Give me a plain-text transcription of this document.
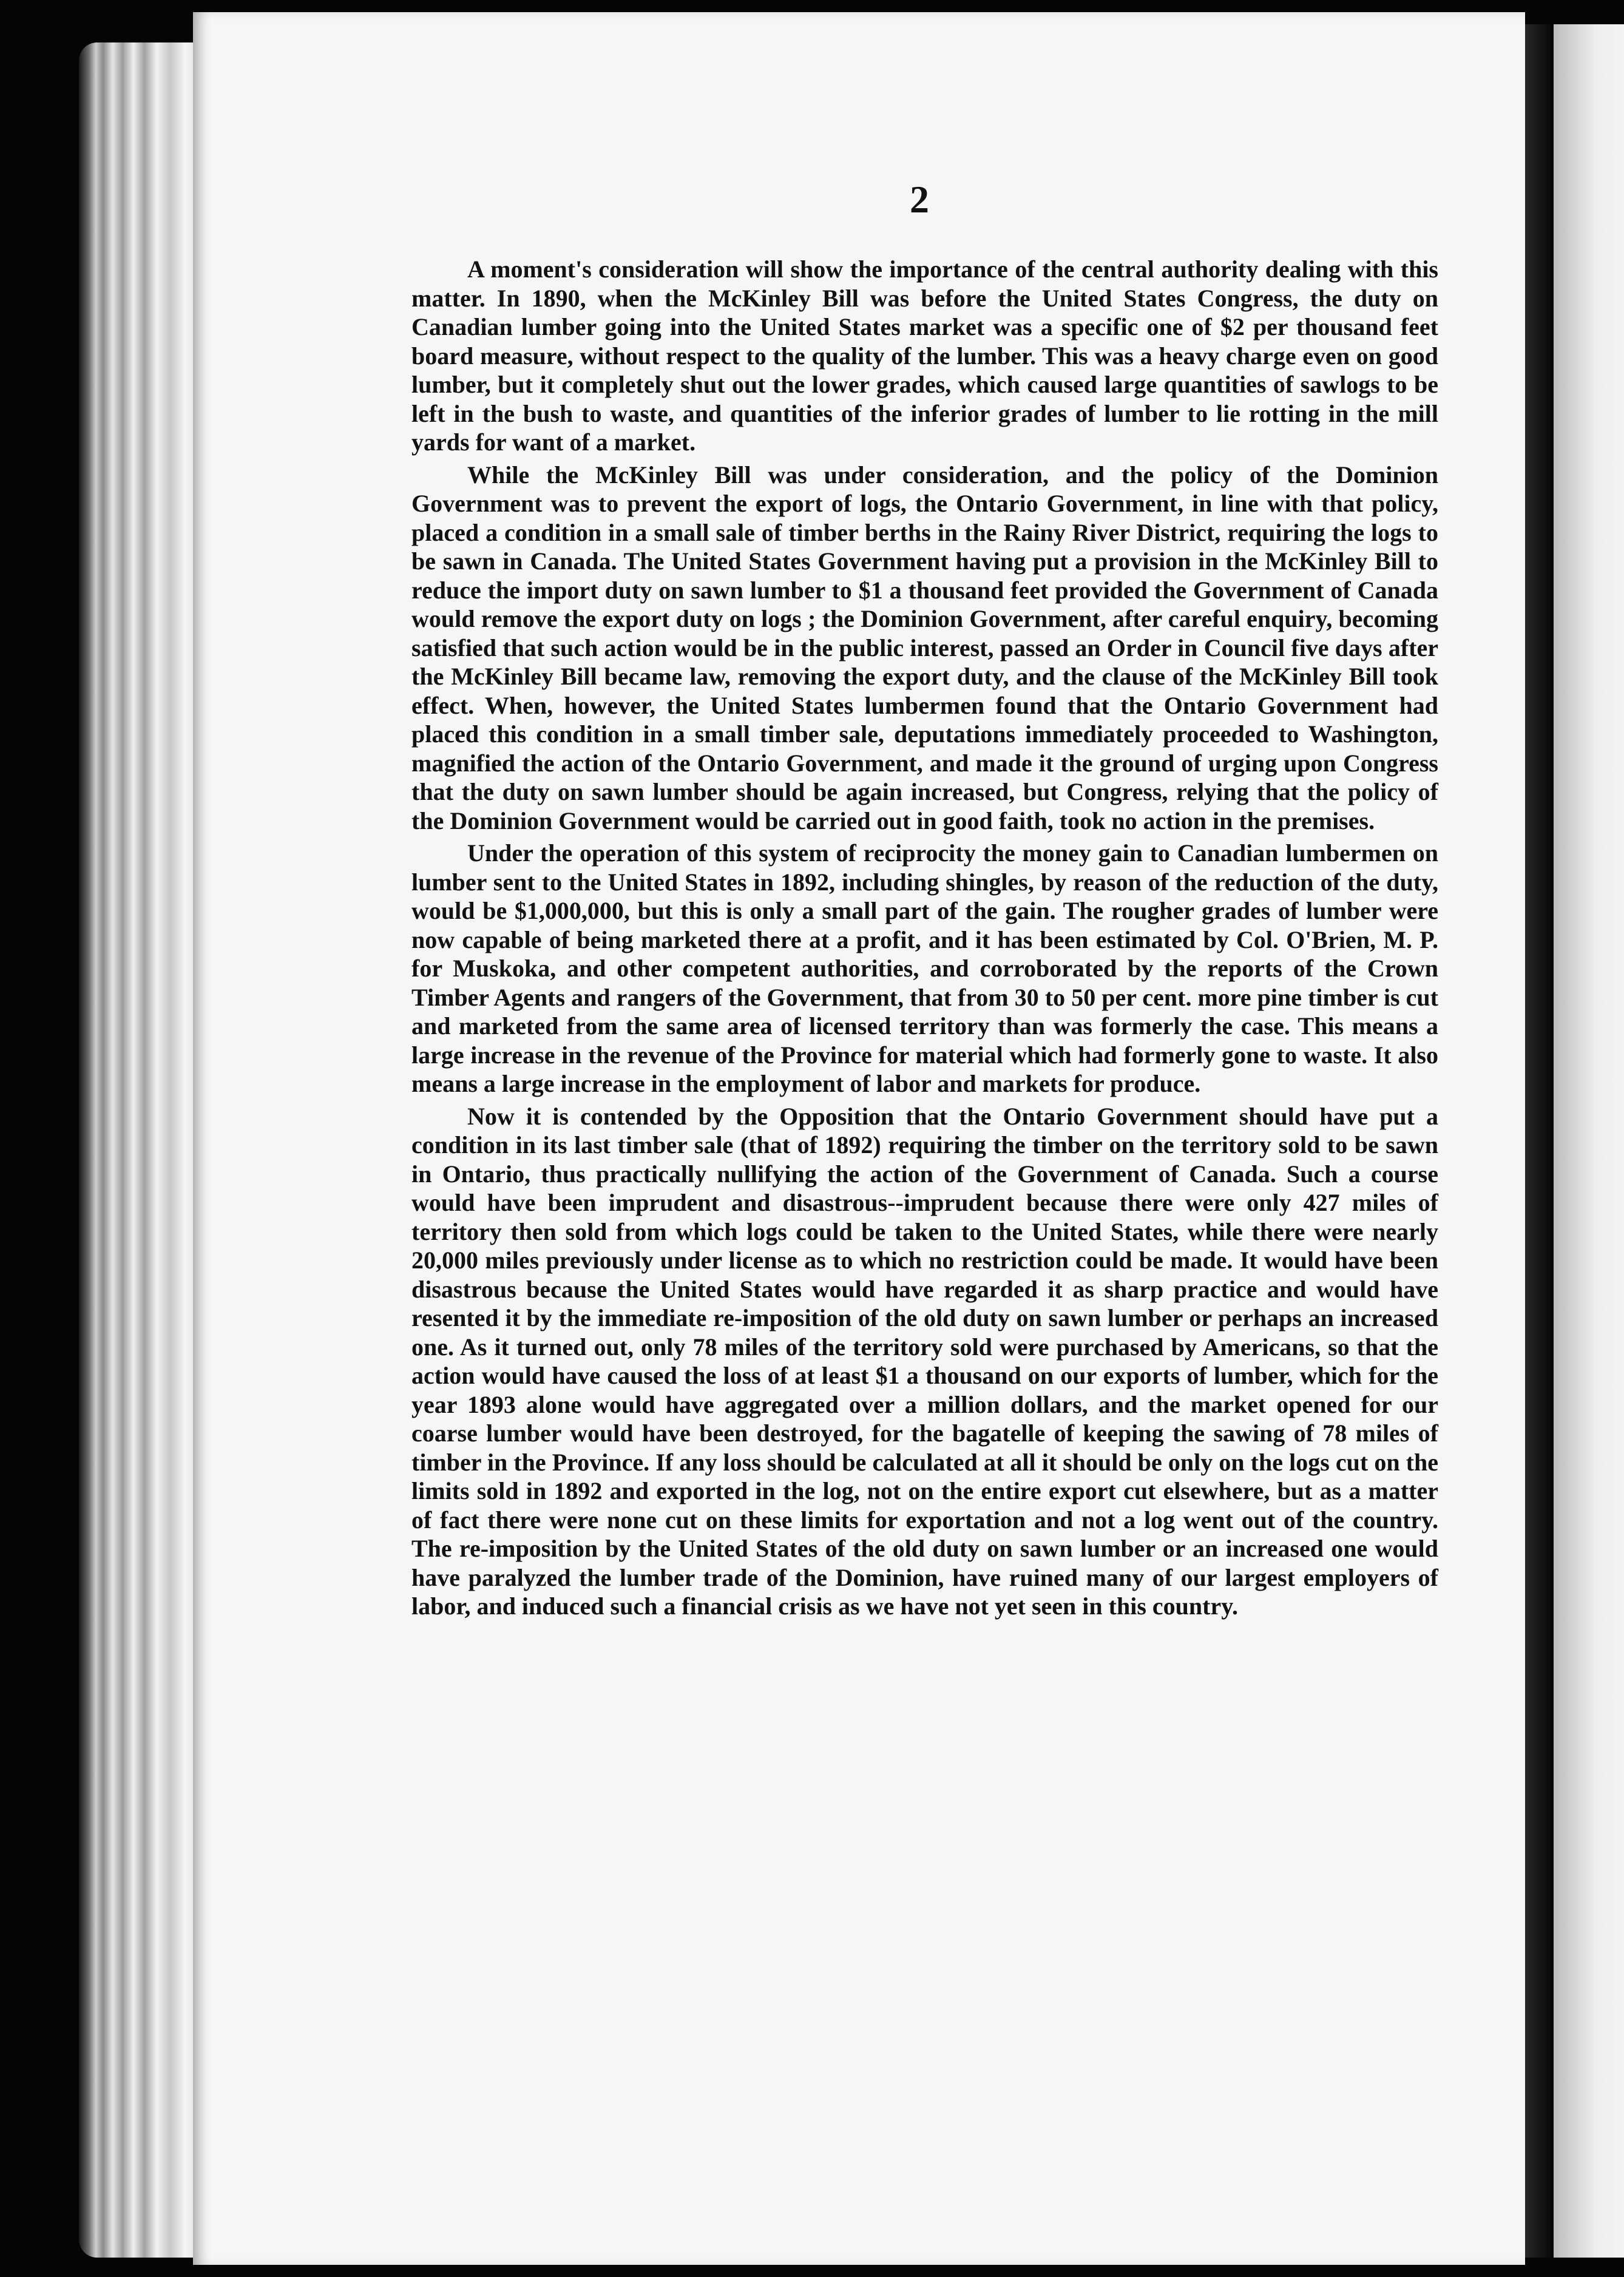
2

A moment's consideration will show the importance of the central authority dealing with this matter. In 1890, when the McKinley Bill was before the United States Congress, the duty on Canadian lumber going into the United States market was a specific one of $2 per thousand feet board measure, without respect to the quality of the lumber. This was a heavy charge even on good lumber, but it completely shut out the lower grades, which caused large quantities of sawlogs to be left in the bush to waste, and quantities of the inferior grades of lumber to lie rotting in the mill yards for want of a market.

While the McKinley Bill was under consideration, and the policy of the Dominion Government was to prevent the export of logs, the Ontario Government, in line with that policy, placed a condition in a small sale of timber berths in the Rainy River District, requiring the logs to be sawn in Canada. The United States Government having put a provision in the McKinley Bill to reduce the import duty on sawn lumber to $1 a thousand feet provided the Government of Canada would remove the export duty on logs ; the Dominion Government, after careful enquiry, becoming satisfied that such action would be in the public interest, passed an Order in Council five days after the McKinley Bill became law, removing the export duty, and the clause of the McKinley Bill took effect. When, however, the United States lumbermen found that the Ontario Government had placed this condition in a small timber sale, deputations immediately proceeded to Washington, magnified the action of the Ontario Government, and made it the ground of urging upon Congress that the duty on sawn lumber should be again increased, but Congress, relying that the policy of the Dominion Government would be carried out in good faith, took no action in the premises.

Under the operation of this system of reciprocity the money gain to Canadian lumbermen on lumber sent to the United States in 1892, including shingles, by reason of the reduction of the duty, would be $1,000,000, but this is only a small part of the gain. The rougher grades of lumber were now capable of being marketed there at a profit, and it has been estimated by Col. O'Brien, M. P. for Muskoka, and other competent authorities, and corroborated by the reports of the Crown Timber Agents and rangers of the Government, that from 30 to 50 per cent. more pine timber is cut and marketed from the same area of licensed territory than was formerly the case. This means a large increase in the revenue of the Province for material which had formerly gone to waste. It also means a large increase in the employment of labor and markets for produce.

Now it is contended by the Opposition that the Ontario Government should have put a condition in its last timber sale (that of 1892) requiring the timber on the territory sold to be sawn in Ontario, thus practically nullifying the action of the Government of Canada. Such a course would have been imprudent and disastrous--imprudent because there were only 427 miles of territory then sold from which logs could be taken to the United States, while there were nearly 20,000 miles previously under license as to which no restriction could be made. It would have been disastrous because the United States would have regarded it as sharp practice and would have resented it by the immediate re-imposition of the old duty on sawn lumber or perhaps an increased one. As it turned out, only 78 miles of the territory sold were purchased by Americans, so that the action would have caused the loss of at least $1 a thousand on our exports of lumber, which for the year 1893 alone would have aggregated over a million dollars, and the market opened for our coarse lumber would have been destroyed, for the bagatelle of keeping the sawing of 78 miles of timber in the Province. If any loss should be calculated at all it should be only on the logs cut on the limits sold in 1892 and exported in the log, not on the entire export cut elsewhere, but as a matter of fact there were none cut on these limits for exportation and not a log went out of the country. The re-imposition by the United States of the old duty on sawn lumber or an increased one would have paralyzed the lumber trade of the Dominion, have ruined many of our largest employers of labor, and induced such a financial crisis as we have not yet seen in this country.
